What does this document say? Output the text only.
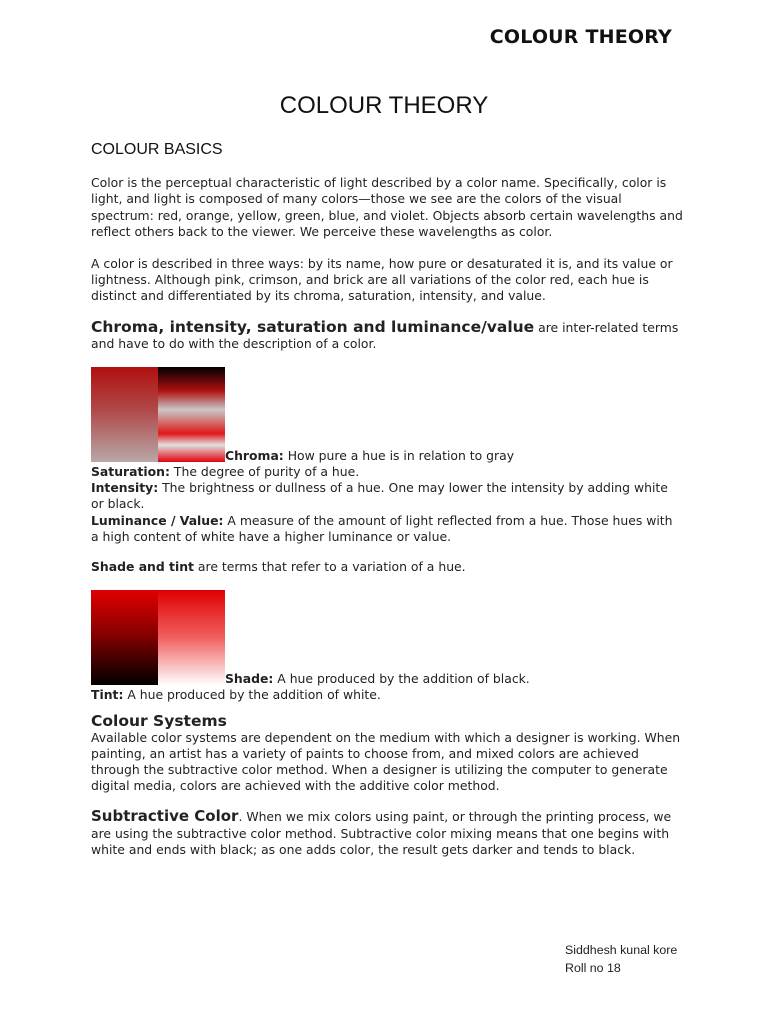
COLOUR THEORY
COLOUR THEORY
COLOUR BASICS

Color is the perceptual characteristic of light described by a color name. Specifically, color is light, and light is composed of many colors—those we see are the colors of the visual spectrum: red, orange, yellow, green, blue, and violet. Objects absorb certain wavelengths and reflect others back to the viewer. We perceive these wavelengths as color.

A color is described in three ways: by its name, how pure or desaturated it is, and its value or lightness. Although pink, crimson, and brick are all variations of the color red, each hue is distinct and differentiated by its chroma, saturation, intensity, and value.

Chroma, intensity, saturation and luminance/value are inter-related terms and have to do with the description of a color.

Chroma: How pure a hue is in relation to gray

Saturation: The degree of purity of a hue.

Intensity: The brightness or dullness of a hue. One may lower the intensity by adding white or black.

Luminance / Value: A measure of the amount of light reflected from a hue. Those hues with a high content of white have a higher luminance or value.

Shade and tint are terms that refer to a variation of a hue.

Shade: A hue produced by the addition of black.

Tint: A hue produced by the addition of white.

Colour Systems

Available color systems are dependent on the medium with which a designer is working. When painting, an artist has a variety of paints to choose from, and mixed colors are achieved through the subtractive color method. When a designer is utilizing the computer to generate digital media, colors are achieved with the additive color method.

Subtractive Color. When we mix colors using paint, or through the printing process, we are using the subtractive color method. Subtractive color mixing means that one begins with white and ends with black; as one adds color, the result gets darker and tends to black.

Siddhesh kunal kore
Roll no 18
